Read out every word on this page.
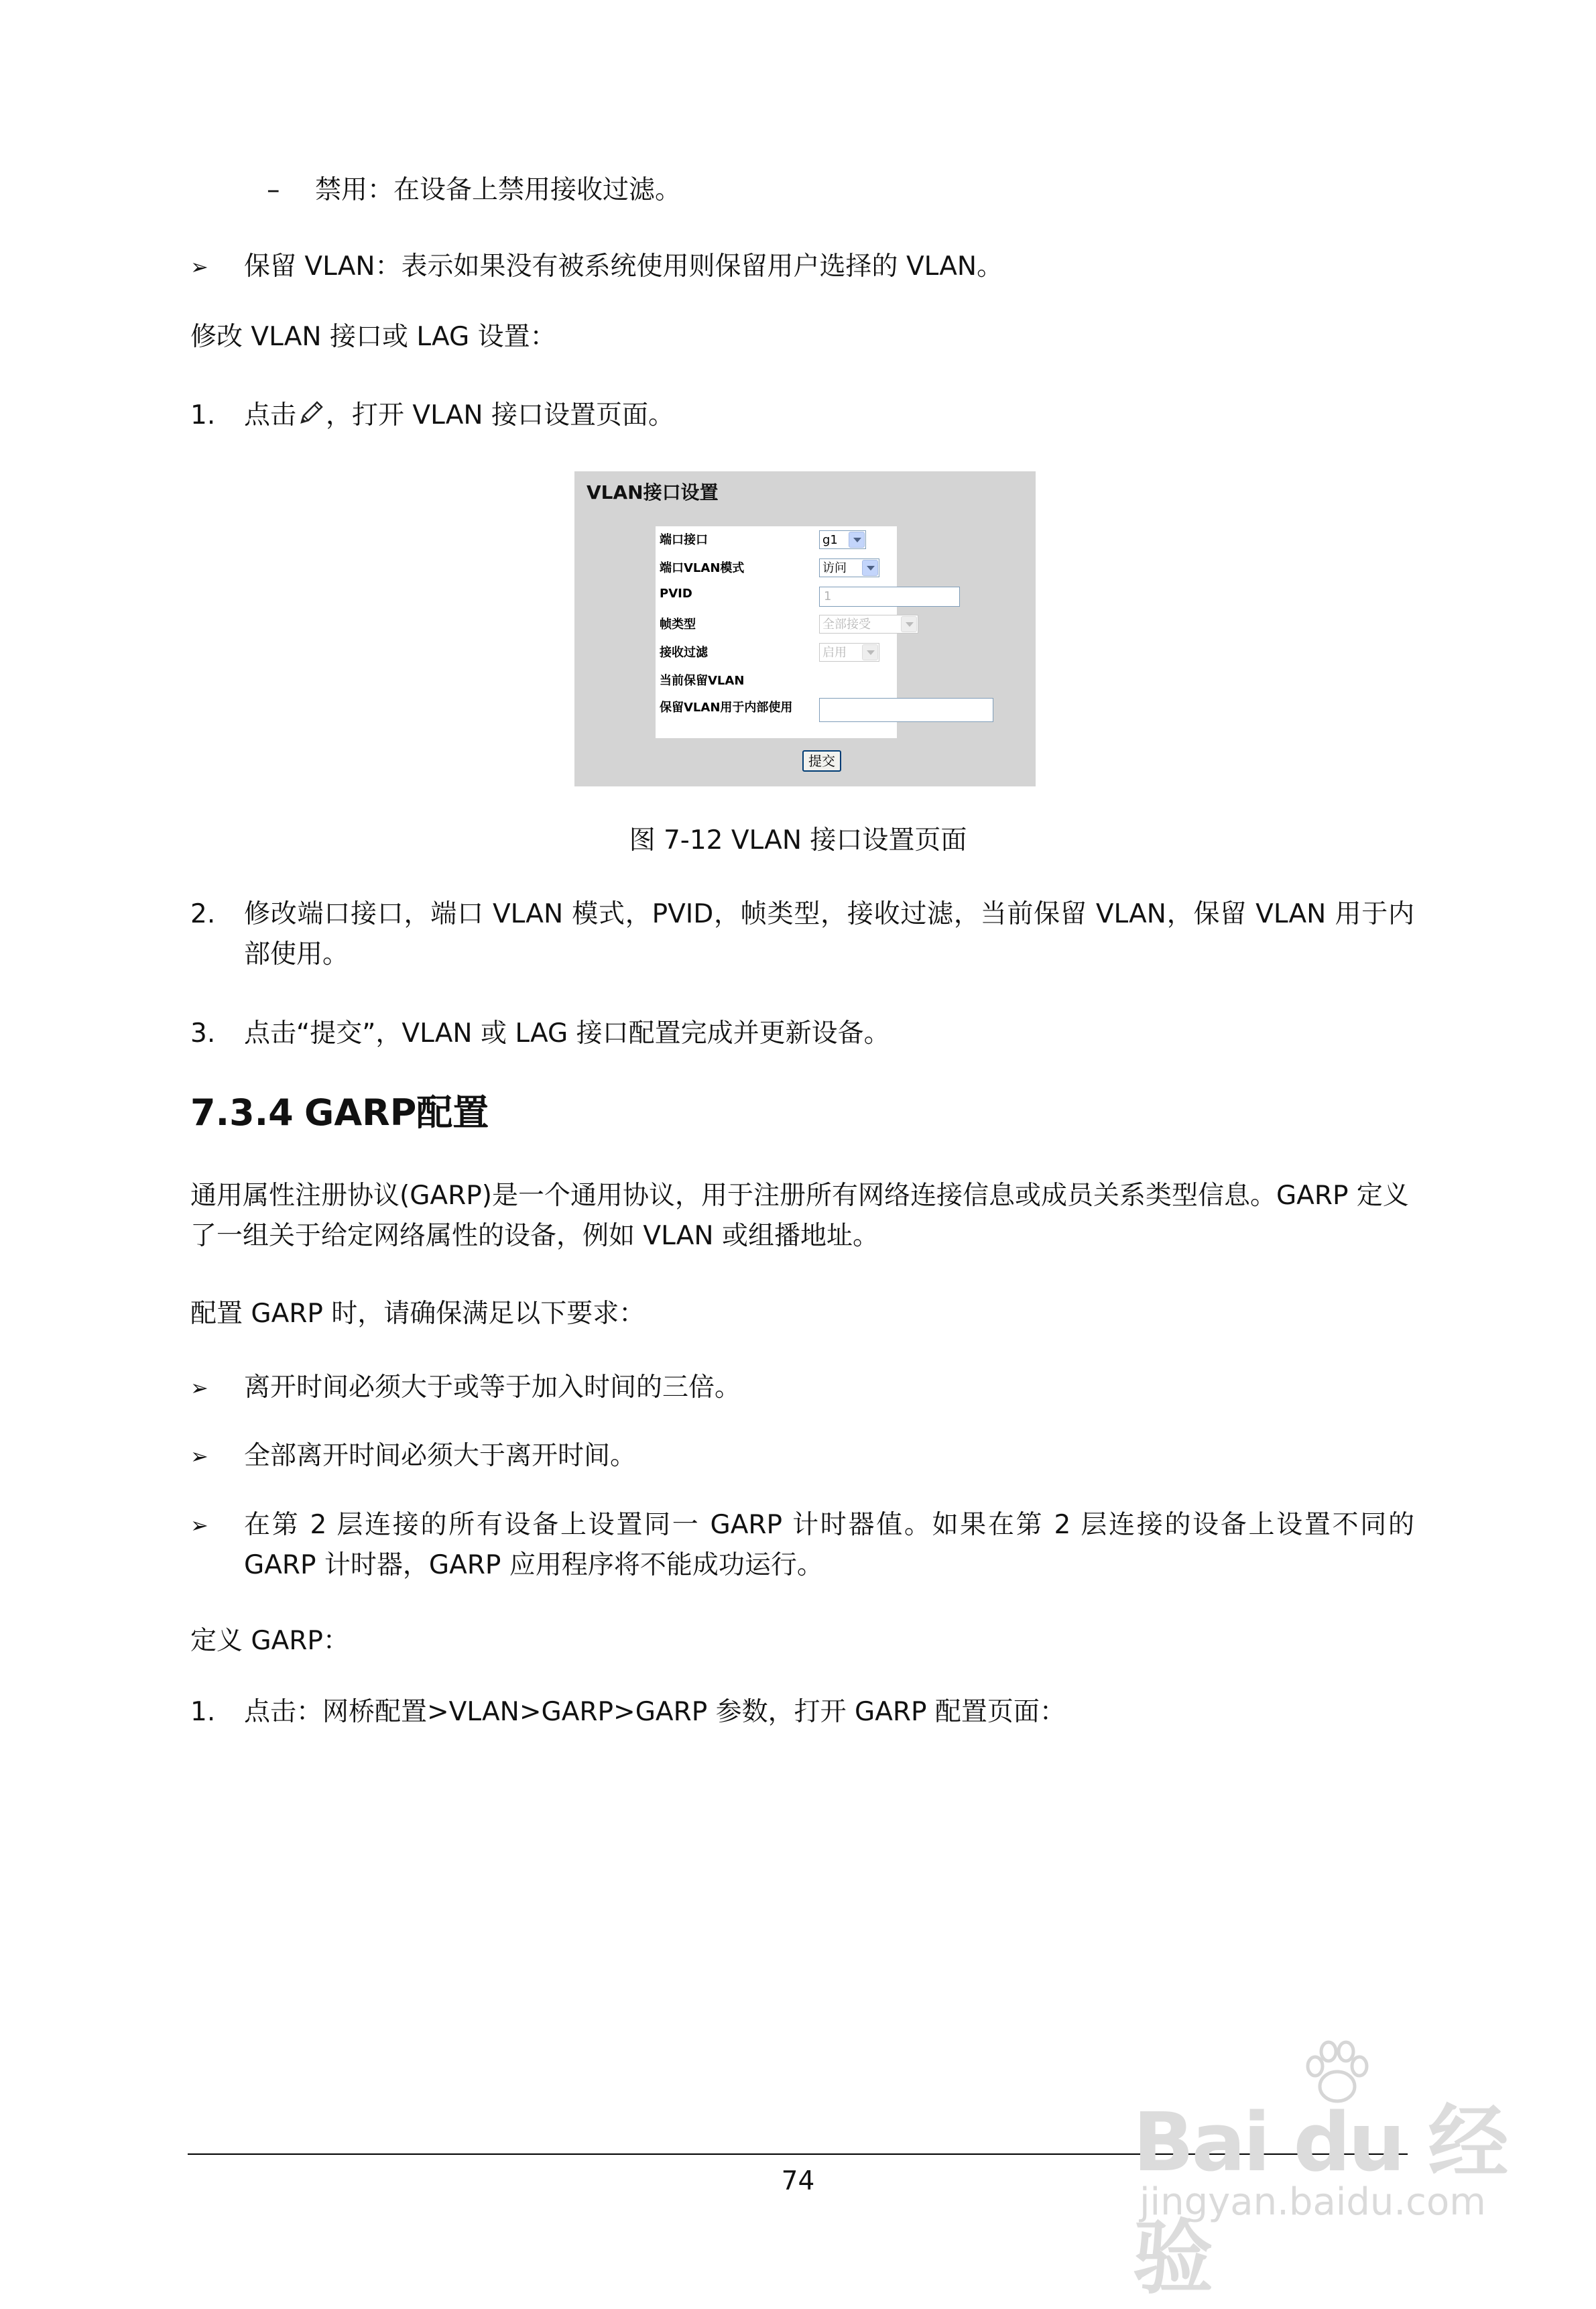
– 禁用：在设备上禁用接收过滤。
➢ 保留 VLAN：表示如果没有被系统使用则保留用户选择的 VLAN。
修改 VLAN 接口或 LAG 设置：
1. 点击 ，打开 VLAN 接口设置页面。
VLAN接口设置
端口接口	g1
端口VLAN模式	访问
PVID	1
帧类型	全部接受
接收过滤	启用
当前保留VLAN
保留VLAN用于内部使用
提交
图 7-12 VLAN 接口设置页面
2. 修改端口接口，端口 VLAN 模式，PVID，帧类型，接收过滤，当前保留 VLAN，保留 VLAN 用于内部使用。
3. 点击“提交”，VLAN 或 LAG 接口配置完成并更新设备。
7.3.4 GARP配置
通用属性注册协议(GARP)是一个通用协议，用于注册所有网络连接信息或成员关系类型信息。GARP 定义了一组关于给定网络属性的设备，例如 VLAN 或组播地址。
配置 GARP 时，请确保满足以下要求：
➢ 离开时间必须大于或等于加入时间的三倍。
➢ 全部离开时间必须大于离开时间。
➢ 在第 2 层连接的所有设备上设置同一 GARP 计时器值。如果在第 2 层连接的设备上设置不同的 GARP 计时器，GARP 应用程序将不能成功运行。
定义 GARP：
1. 点击：网桥配置>VLAN>GARP>GARP 参数，打开 GARP 配置页面：
74	Bai du 经验
jingyan.baidu.com
